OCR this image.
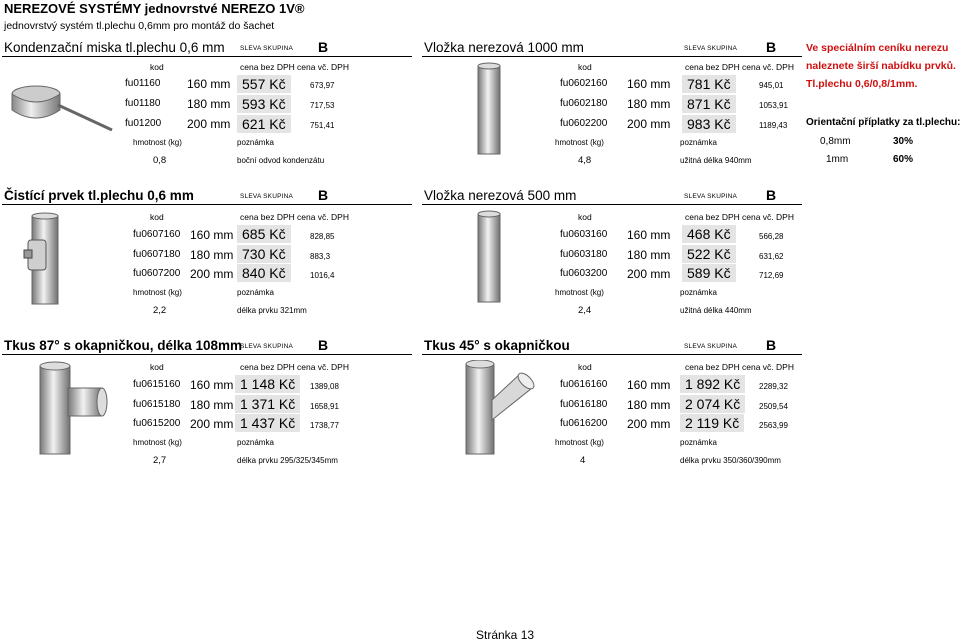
NEREZOVÉ SYSTÉMY jednovrstvé NEREZO 1V®
jednovrstvý systém tl.plechu 0,6mm pro montáž do šachet
Kondenzační miska tl.plechu 0,6 mm SLEVA SKUPINA B
kod	cena bez DPH cena vč. DPH
fu01160 160 mm 557 Kč	673,97
fu01180 180 mm 593 Kč	717,53
fu01200 200 mm 621 Kč	751,41
hmotnost (kg)	poznámka
0,8	boční odvod kondenzátu
Vložka nerezová 1000 mm	SLEVA SKUPINA B
kod	cena bez DPH cena vč. DPH
fu0602160 160 mm	781 Kč	945,01
fu0602180 180 mm	871 Kč	1053,91
fu0602200 200 mm	983 Kč	1189,43
hmotnost (kg)	poznámka
4,8	užitná délka 940mm
Ve speciálním ceníku nerezu
naleznete širší nabídku prvků.
Tl.plechu 0,6/0,8/1mm.
Orientační příplatky za tl.plechu:
0,8mm	30%
1mm	60%
Čistící prvek tl.plechu 0,6 mm	SLEVA SKUPINA B
kod	cena bez DPH cena vč. DPH
fu0607160 160 mm 685 Kč	828,85
fu0607180 180 mm 730 Kč	883,3
fu0607200 200 mm 840 Kč	1016,4
hmotnost (kg)	poznámka
2,2	délka prvku 321mm
Vložka nerezová 500 mm	SLEVA SKUPINA B
kod	cena bez DPH cena vč. DPH
fu0603160 160 mm	468 Kč	566,28
fu0603180 180 mm	522 Kč	631,62
fu0603200 200 mm	589 Kč	712,69
hmotnost (kg)	poznámka
2,4	užitná délka 440mm
Tkus 87° s okapničkou, délka 108mm
SLEVA SKUPINA B
kod	cena bez DPH cena vč. DPH
fu0615160 160 mm 1 148 Kč	1389,08
fu0615180 180 mm 1 371 Kč	1658,91
fu0615200 200 mm 1 437 Kč	1738,77
hmotnost (kg)	poznámka
2,7	délka prvku 295/325/345mm
Tkus 45° s okapničkou	SLEVA SKUPINA B
kod	cena bez DPH cena vč. DPH
fu0616160 160 mm	1 892 Kč	2289,32
fu0616180 180 mm	2 074 Kč	2509,54
fu0616200 200 mm	2 119 Kč	2563,99
hmotnost (kg)	poznámka
4	délka prvku 350/360/390mm
Stránka 13
